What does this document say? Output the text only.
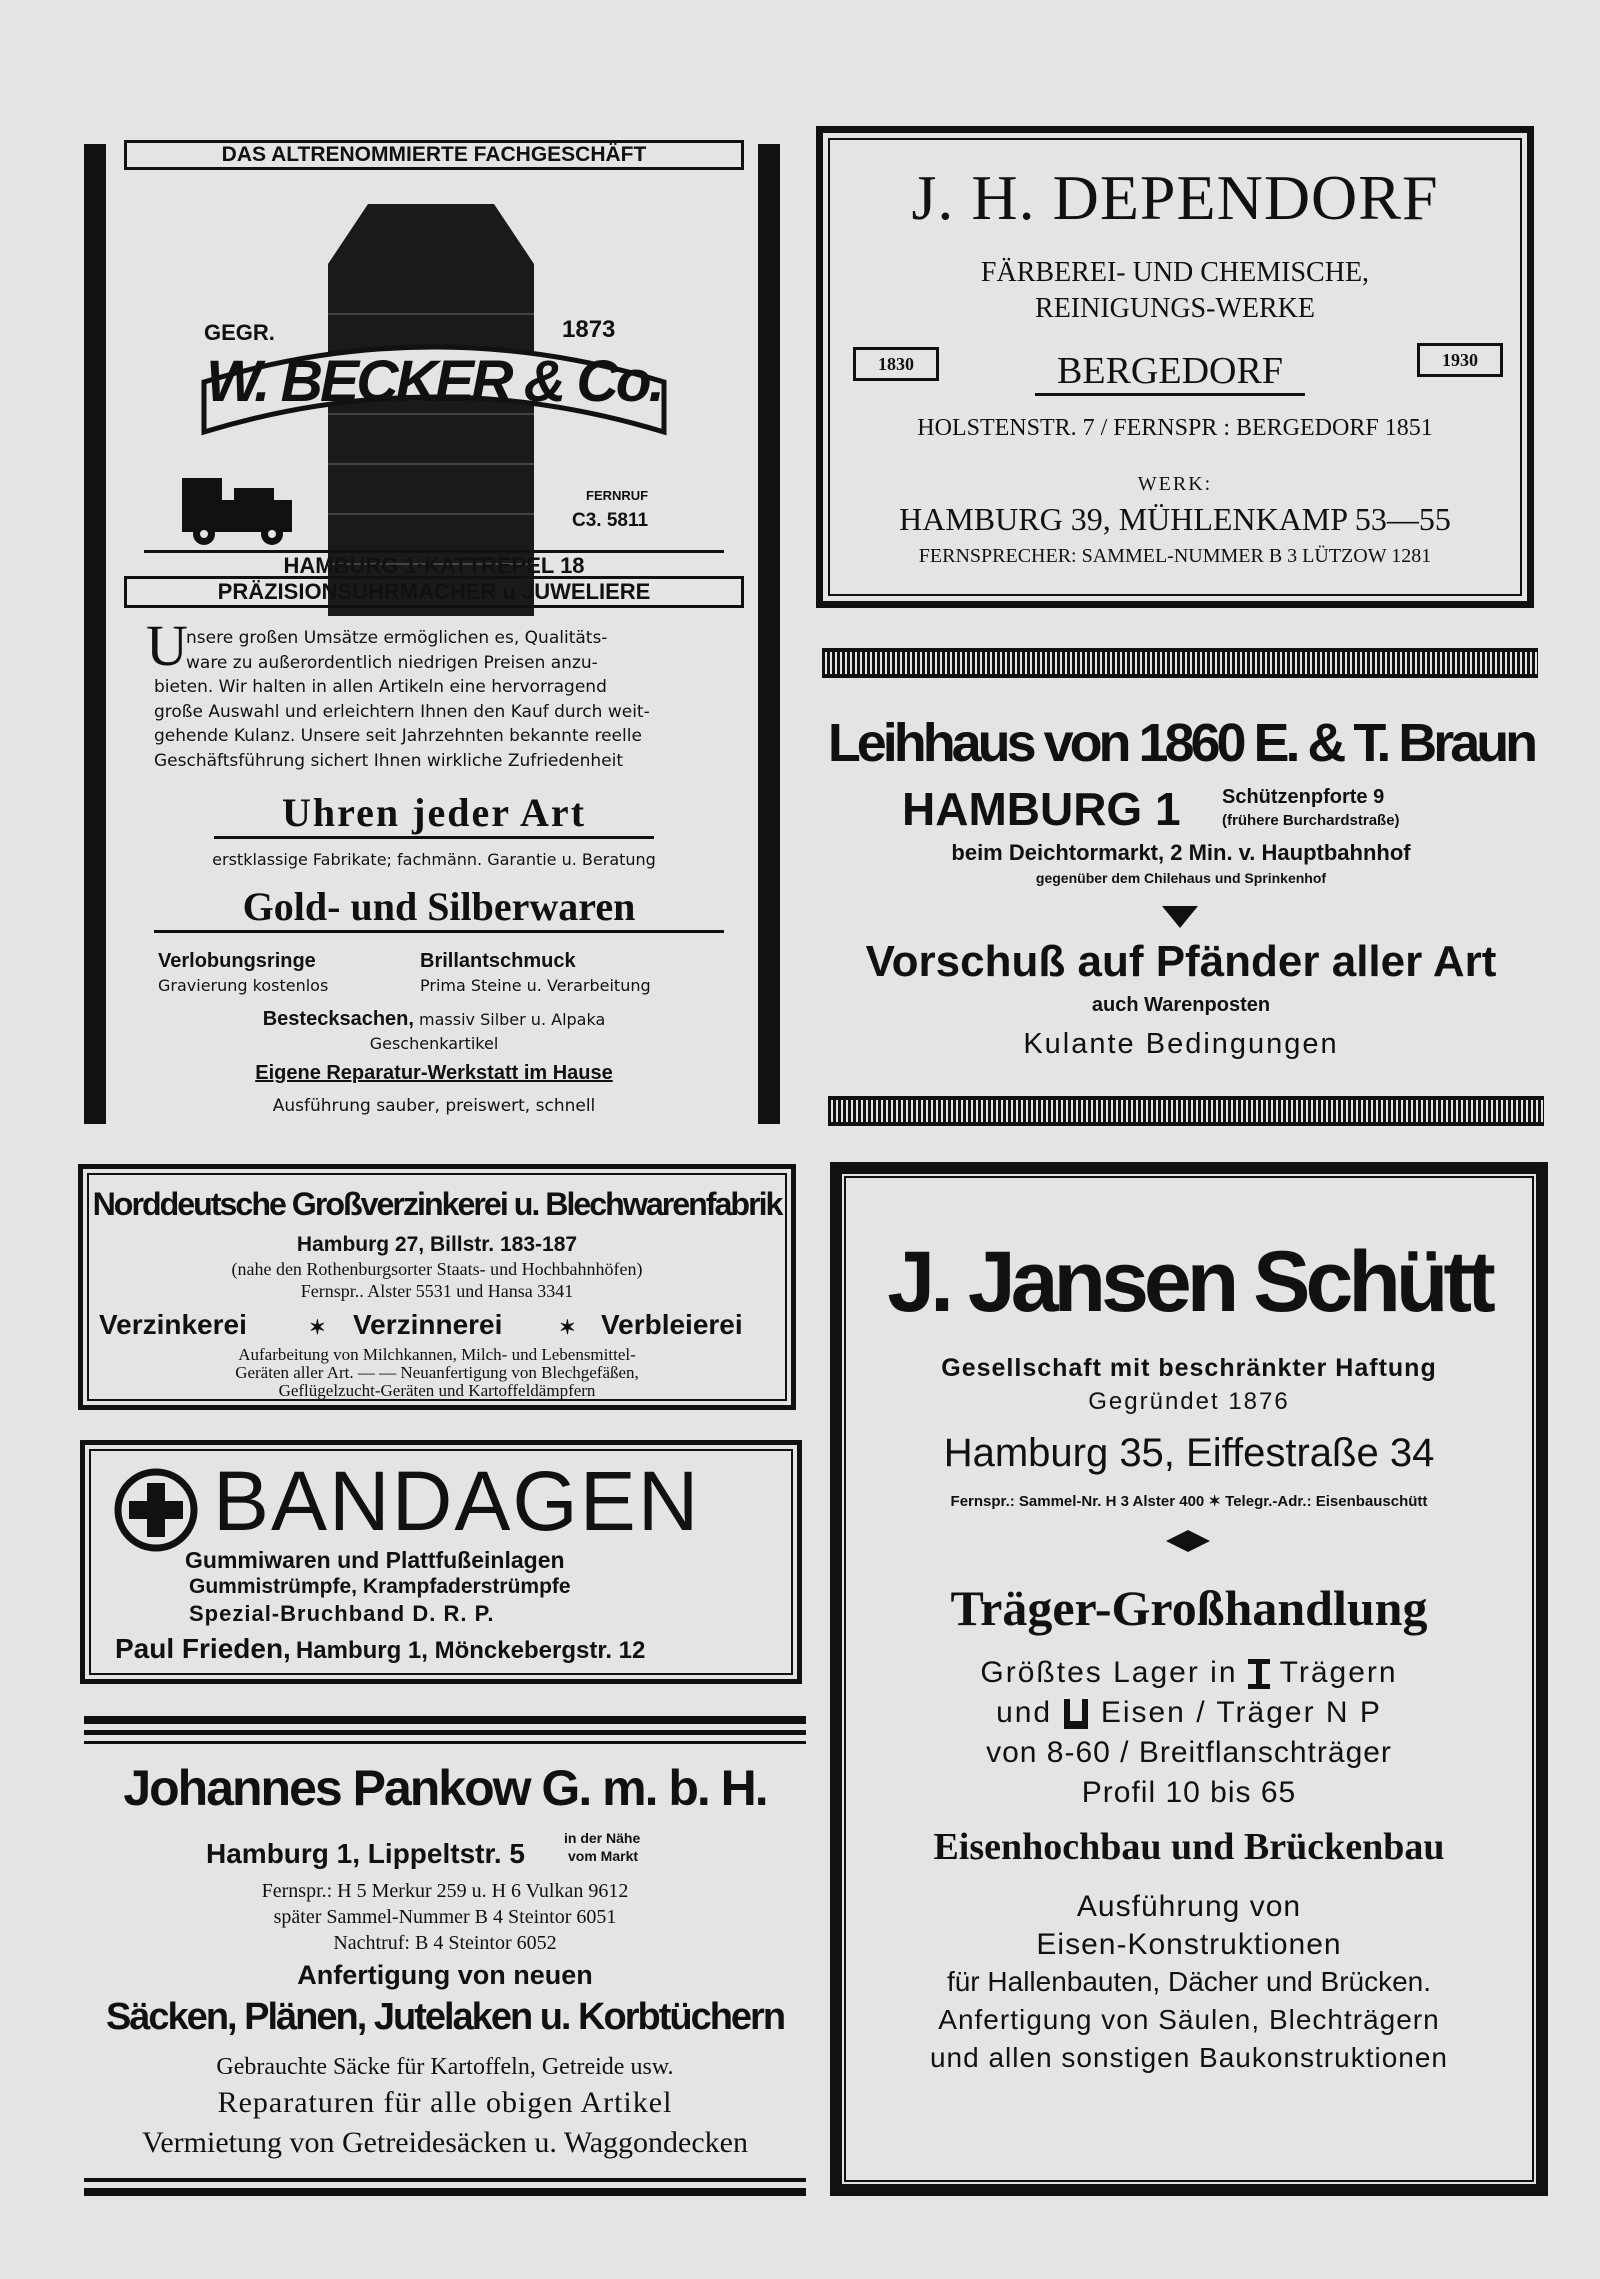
DAS ALTRENOMMIERTE FACHGESCHÄFT
GEGR.	1873
W. BECKER & Co.
FERNRUF
C3. 5811
HAMBURG 1·KATTREPEL 18
PRÄZISIONSUHRMACHER u JUWELIERE
U
nsere großen Umsätze ermöglichen es, Qualitäts-
ware zu außerordentlich niedrigen Preisen anzu-
bieten. Wir halten in allen Artikeln eine hervorragend
große Auswahl und erleichtern Ihnen den Kauf durch weit-
gehende Kulanz. Unsere seit Jahrzehnten bekannte reelle
Geschäftsführung sichert Ihnen wirkliche Zufriedenheit
Uhren jeder Art
erstklassige Fabrikate; fachmänn. Garantie u. Beratung
Gold- und Silberwaren
Verlobungsringe
Gravierung kostenlos
Brillantschmuck
Prima Steine u. Verarbeitung
Bestecksachen, massiv Silber u. Alpaka
Geschenkartikel
Eigene Reparatur-Werkstatt im Hause
Ausführung sauber, preiswert, schnell
J. H. DEPENDORF
FÄRBEREI- UND CHEMISCHE,
REINIGUNGS-WERKE
1830	1930
BERGEDORF
HOLSTENSTR. 7 / FERNSPR : BERGEDORF 1851
WERK:
HAMBURG 39, MÜHLENKAMP 53—55
FERNSPRECHER: SAMMEL-NUMMER B 3 LÜTZOW 1281
Leihhaus von 1860 E. & T. Braun
HAMBURG 1 Schützenpforte 9
(frühere Burchardstraße)
beim Deichtormarkt, 2 Min. v. Hauptbahnhof
gegenüber dem Chilehaus und Sprinkenhof
Vorschuß auf Pfänder aller Art
auch Warenposten
Kulante Bedingungen
Norddeutsche Großverzinkerei u. Blechwarenfabrik
Hamburg 27, Billstr. 183-187
(nahe den Rothenburgsorter Staats- und Hochbahnhöfen)
Fernspr.. Alster 5531 und Hansa 3341
Verzinkerei	✶ Verzinnerei	✶ Verbleierei
Aufarbeitung von Milchkannen, Milch- und Lebensmittel-
Geräten aller Art. — — Neuanfertigung von Blechgefäßen,
Geflügelzucht-Geräten und Kartoffeldämpfern
BANDAGEN
Gummiwaren und Plattfußeinlagen
Gummistrümpfe, Krampfaderstrümpfe
Spezial-Bruchband D. R. P.
Paul Frieden, Hamburg 1, Mönckebergstr. 12
Johannes Pankow G. m. b. H.
Hamburg 1, Lippeltstr. 5	in der Nähe
vom Markt
Fernspr.: H 5 Merkur 259 u. H 6 Vulkan 9612
später Sammel-Nummer B 4 Steintor 6051
Nachtruf: B 4 Steintor 6052
Anfertigung von neuen
Säcken, Plänen, Jutelaken u. Korbtüchern
Gebrauchte Säcke für Kartoffeln, Getreide usw.
Reparaturen für alle obigen Artikel
Vermietung von Getreidesäcken u. Waggondecken
J. Jansen Schütt
Gesellschaft mit beschränkter Haftung
Gegründet 1876
Hamburg 35, Eiffestraße 34
Fernspr.: Sammel-Nr. H 3 Alster 400 ✶ Telegr.-Adr.: Eisenbauschütt
Träger-Großhandlung
Größtes Lager in Trägern
und Eisen / Träger N P
von 8-60 / Breitflanschträger
Profil 10 bis 65
Eisenhochbau und Brückenbau
Ausführung von
Eisen-Konstruktionen
für Hallenbauten, Dächer und Brücken.
Anfertigung von Säulen, Blechträgern
und allen sonstigen Baukonstruktionen
